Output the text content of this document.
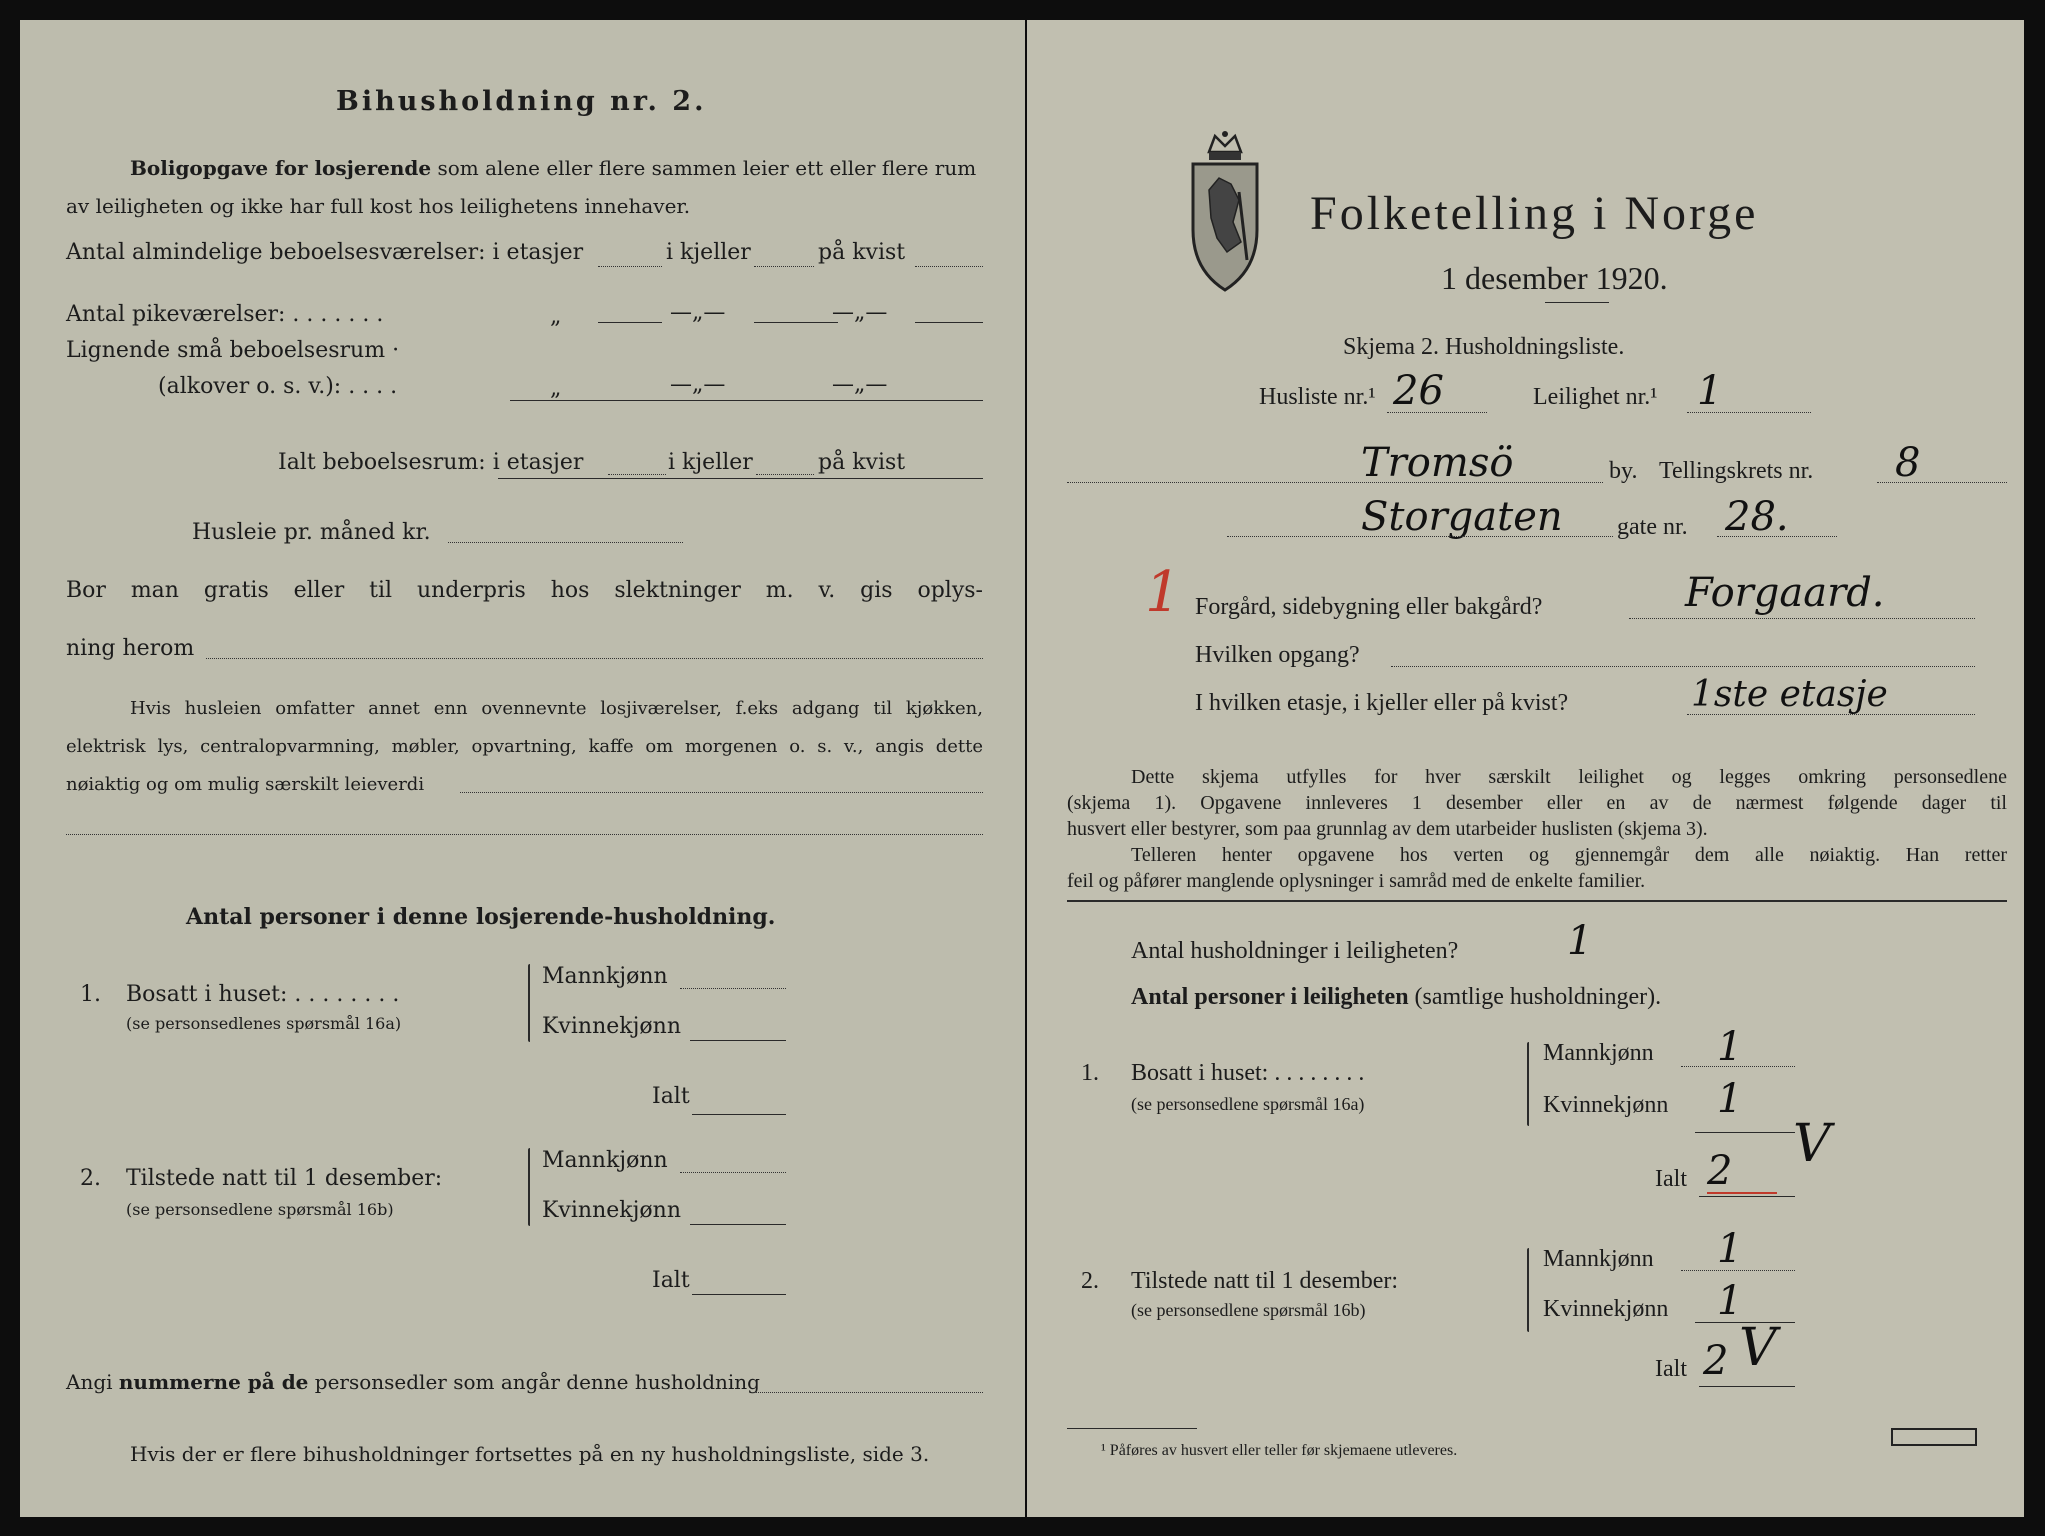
Bihusholdning nr. 2.
Boligopgave for losjerende som alene eller flere sammen leier ett eller flere rum
av leiligheten og ikke har full kost hos leilighetens innehaver.
Antal almindelige beboelsesværelser: i etasjer	i kjeller	på kvist
Antal pikeværelser: . . . . . . .	„	—„—	—„—
Lignende små beboelsesrum ·
(alkover o. s. v.): . . . .	„	—„—	—„—
Ialt beboelsesrum: i etasjer	i kjeller	på kvist
Husleie pr. måned kr.
Bor man gratis eller til underpris hos slektninger m. v. gis oplys-
ning herom
Hvis husleien omfatter annet enn ovennevnte losjiværelser, f.eks adgang til kjøkken,
elektrisk lys, centralopvarmning, møbler, opvartning, kaffe om morgenen o. s. v., angis dette
nøiaktig og om mulig særskilt leieverdi
Antal personer i denne losjerende-husholdning.
1. Bosatt i huset: . . . . . . . .
(se personsedlenes spørsmål 16a)
Mannkjønn
Kvinnekjønn
Ialt
2. Tilstede natt til 1 desember:
(se personsedlene spørsmål 16b)
Mannkjønn
Kvinnekjønn
Ialt
Angi nummerne på de personsedler som angår denne husholdning
Hvis der er flere bihusholdninger fortsettes på en ny husholdningsliste, side 3.
Folketelling i Norge
1 desember 1920.
Skjema 2. Husholdningsliste.
Husliste nr.¹ 26	Leilighet nr.¹ 1
Tromsö	by. Tellingskrets nr. 8
Storgaten gate nr. 28.
1 Forgård, sidebygning eller bakgård?	Forgaard.
Hvilken opgang?
I hvilken etasje, i kjeller eller på kvist?	1ste etasje
Dette skjema utfylles for hver særskilt leilighet og legges omkring personsedlene
(skjema 1). Opgavene innleveres 1 desember eller en av de nærmest følgende dager til
husvert eller bestyrer, som paa grunnlag av dem utarbeider huslisten (skjema 3).
Telleren henter opgavene hos verten og gjennemgår dem alle nøiaktig. Han retter
feil og påfører manglende oplysninger i samråd med de enkelte familier.
Antal husholdninger i leiligheten?	1
Antal personer i leiligheten (samtlige husholdninger).
1. Bosatt i huset: . . . . . . . .
(se personsedlene spørsmål 16a)
Mannkjønn 1
Kvinnekjønn 1
Ialt 2 V
2. Tilstede natt til 1 desember:
(se personsedlene spørsmål 16b)
Mannkjønn 1
Kvinnekjønn 1
Ialt 2 V
¹ Påføres av husvert eller teller før skjemaene utleveres.
